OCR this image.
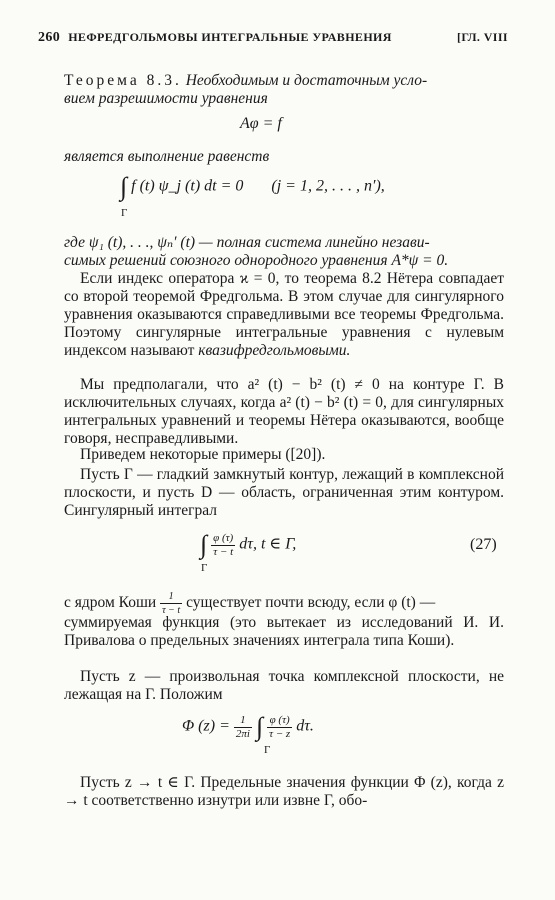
260 НЕФРЕДГОЛЬМОВЫ ИНТЕГРАЛЬНЫЕ УРАВНЕНИЯ	[ГЛ. VIII
Теорема 8.3. Необходимым и достаточным усло-
вием разрешимости уравнения
Aφ = f
является выполнение равенств
∫ f (t) ψ_j (t) dt = 0 (j = 1, 2, . . . , n′),
Γ
где ψ₁ (t), . . ., ψₙ′ (t) — полная система линейно незави-
симых решений союзного однородного уравнения A*ψ = 0.
Если индекс оператора ϰ = 0, то теорема 8.2 Нётера совпадает со второй теоремой Фредгольма. В этом случае для сингулярного уравнения оказываются справедливыми все теоремы Фредгольма. Поэтому сингулярные интегральные уравнения с нулевым индексом называют квазифредгольмовыми.
Мы предполагали, что a² (t) − b² (t) ≠ 0 на контуре Γ. В исключительных случаях, когда a² (t) − b² (t) = 0, для сингулярных интегральных уравнений и теоремы Нётера оказываются, вообще говоря, несправедливыми.
Приведем некоторые примеры ([20]).
Пусть Γ — гладкий замкнутый контур, лежащий в комплексной плоскости, и пусть D — область, ограниченная этим контуром. Сингулярный интеграл
∫ $\frac{\varphi (\tau)}{\tau - t} d\tau$, t ∈ Γ,
Γ
(27)
с ядром Коши $\frac{1}{\tau - t}$ существует почти всюду, если φ (t) —
суммируемая функция (это вытекает из исследований И. И. Привалова о предельных значениях интеграла типа Коши).
Пусть z — произвольная точка комплексной плоскости, не лежащая на Γ. Положим
Φ $(z) = \frac{1}{2\pi i}$ ∫ $\frac{\varphi (\tau)}{\tau - z} d\tau$.
Γ
Пусть z → t ∈ Γ. Предельные значения функции Φ (z), когда z → t соответственно изнутри или извне Γ, обо-
